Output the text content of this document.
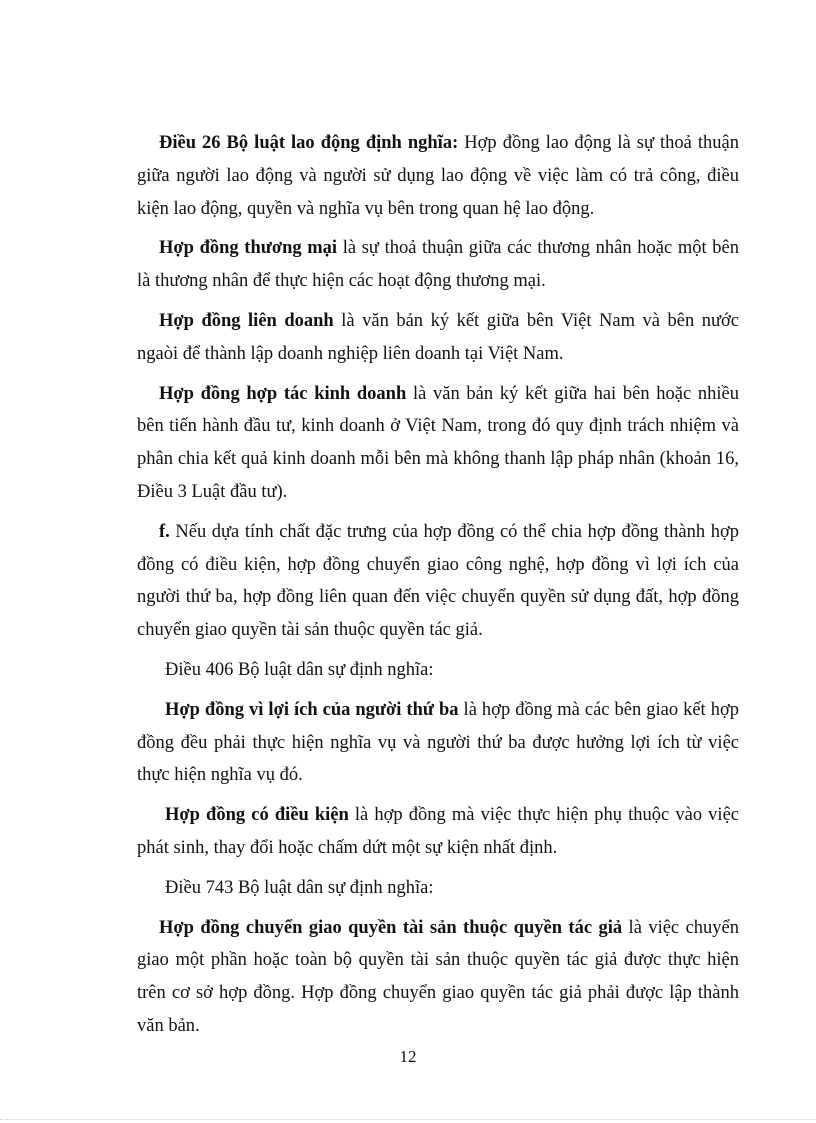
Điều 26 Bộ luật lao động định nghĩa: Hợp đồng lao động là sự thoả thuận giữa người lao động và người sử dụng lao động về việc làm có trả công, điều kiện lao động, quyền và nghĩa vụ bên trong quan hệ lao động.

Hợp đồng thương mại là sự thoả thuận giữa các thương nhân hoặc một bên là thương nhân để thực hiện các hoạt động thương mại.

Hợp đồng liên doanh là văn bản ký kết giữa bên Việt Nam và bên nước ngaòi để thành lập doanh nghiệp liên doanh tại Việt Nam.

Hợp đồng hợp tác kinh doanh là văn bản ký kết giữa hai bên hoặc nhiều bên tiến hành đầu tư, kinh doanh ở Việt Nam, trong đó quy định trách nhiệm và phân chia kết quả kinh doanh mỗi bên mà không thanh lập pháp nhân (khoản 16, Điều 3 Luật đầu tư).

f. Nếu dựa tính chất đặc trưng của hợp đồng có thể chia hợp đồng thành hợp đồng có điều kiện, hợp đồng chuyển giao công nghệ, hợp đồng vì lợi ích của người thứ ba, hợp đồng liên quan đến việc chuyển quyền sử dụng đất, hợp đồng chuyển giao quyền tài sản thuộc quyền tác giả.

Điều 406 Bộ luật dân sự định nghĩa:

Hợp đồng vì lợi ích của người thứ ba là hợp đồng mà các bên giao kết hợp đồng đều phải thực hiện nghĩa vụ và người thứ ba được hưởng lợi ích từ việc thực hiện nghĩa vụ đó.

Hợp đồng có điều kiện là hợp đồng mà việc thực hiện phụ thuộc vào việc phát sinh, thay đổi hoặc chấm dứt một sự kiện nhất định.

Điều 743 Bộ luật dân sự định nghĩa:

Hợp đồng chuyển giao quyền tài sản thuộc quyền tác giả là việc chuyển giao một phần hoặc toàn bộ quyền tài sản thuộc quyền tác giả được thực hiện trên cơ sở hợp đồng. Hợp đồng chuyển giao quyền tác giả phải được lập thành văn bản.

12
